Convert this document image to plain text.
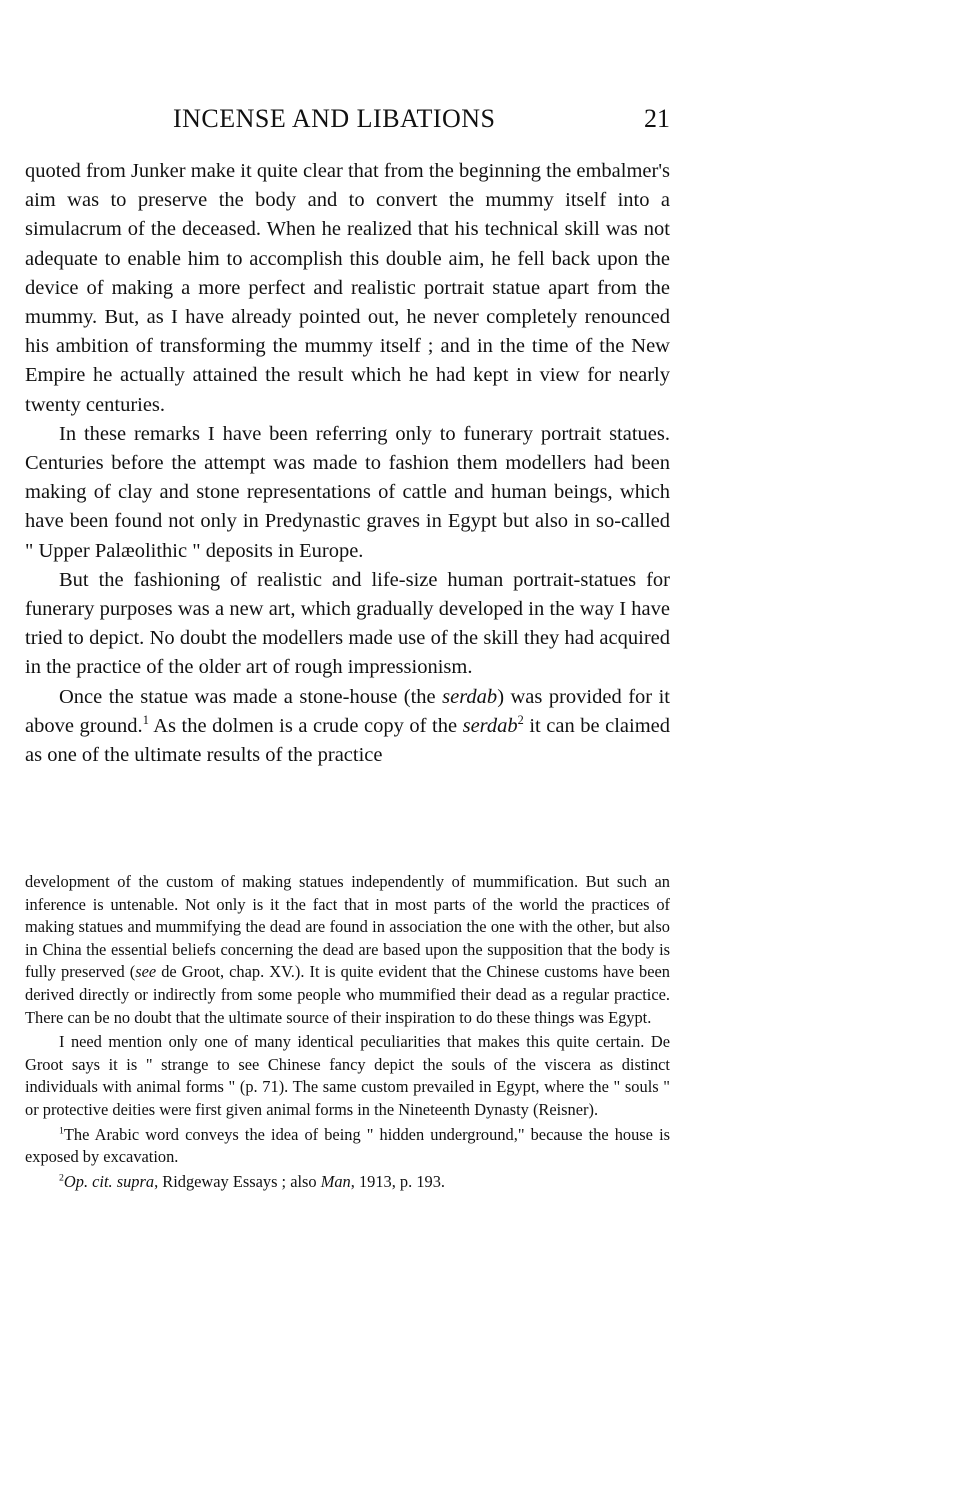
INCENSE AND LIBATIONS	21

quoted from Junker make it quite clear that from the beginning the embalmer's aim was to preserve the body and to convert the mummy itself into a simulacrum of the deceased. When he realized that his technical skill was not adequate to enable him to accomplish this double aim, he fell back upon the device of making a more perfect and realistic portrait statue apart from the mummy. But, as I have already pointed out, he never completely renounced his ambition of transforming the mummy itself ; and in the time of the New Empire he actually attained the result which he had kept in view for nearly twenty centuries.

In these remarks I have been referring only to funerary portrait statues. Centuries before the attempt was made to fashion them modellers had been making of clay and stone representations of cattle and human beings, which have been found not only in Predynastic graves in Egypt but also in so-called " Upper Palæolithic " deposits in Europe.

But the fashioning of realistic and life-size human portrait-statues for funerary purposes was a new art, which gradually developed in the way I have tried to depict. No doubt the modellers made use of the skill they had acquired in the practice of the older art of rough impressionism.

Once the statue was made a stone-house (the serdab) was provided for it above ground.$^1$ As the dolmen is a crude copy of the serdab$^2$ it can be claimed as one of the ultimate results of the practice

development of the custom of making statues independently of mummification. But such an inference is untenable. Not only is it the fact that in most parts of the world the practices of making statues and mummifying the dead are found in association the one with the other, but also in China the essential beliefs concerning the dead are based upon the supposition that the body is fully preserved (see de Groot, chap. XV.). It is quite evident that the Chinese customs have been derived directly or indirectly from some people who mummified their dead as a regular practice. There can be no doubt that the ultimate source of their inspiration to do these things was Egypt.

I need mention only one of many identical peculiarities that makes this quite certain. De Groot says it is " strange to see Chinese fancy depict the souls of the viscera as distinct individuals with animal forms " (p. 71). The same custom prevailed in Egypt, where the " souls " or protective deities were first given animal forms in the Nineteenth Dynasty (Reisner).

$^1$The Arabic word conveys the idea of being " hidden underground," because the house is exposed by excavation.

$^2$Op. cit. supra, Ridgeway Essays ; also Man, 1913, p. 193.
